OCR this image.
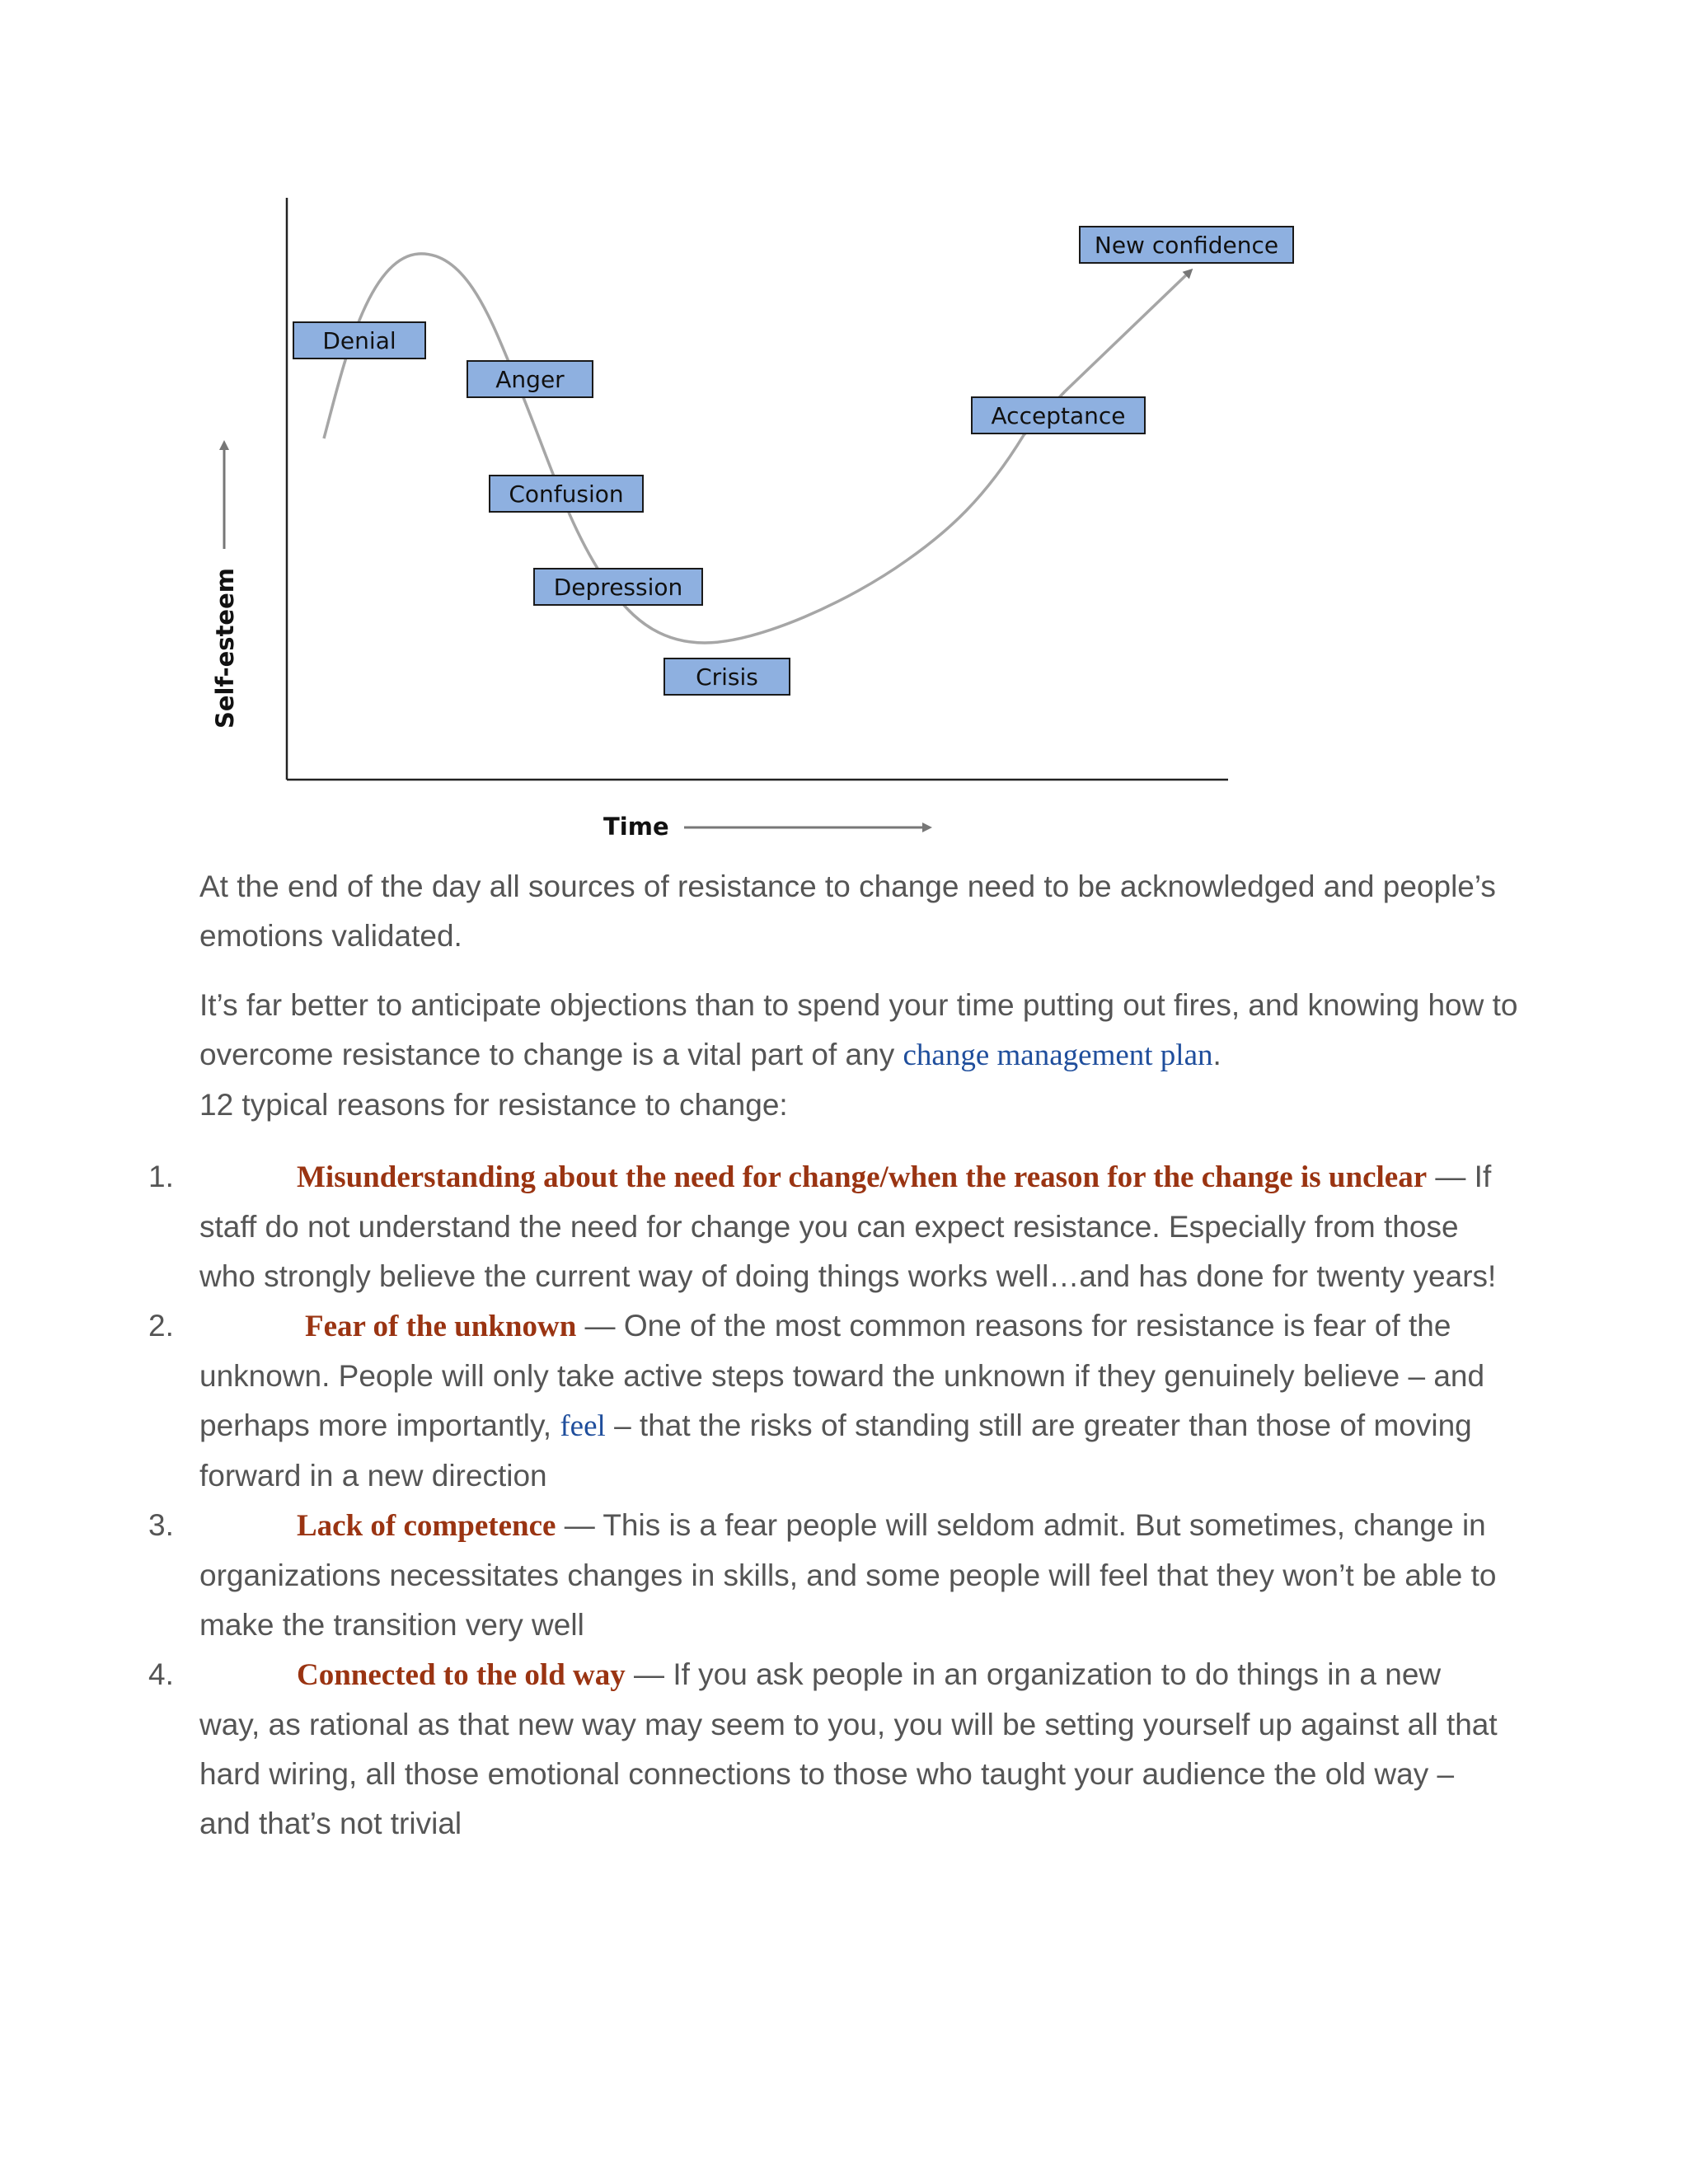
Denial
Anger
Confusion
Depression
Crisis
Acceptance
New confidence
Self-esteem
Time

At the end of the day all sources of resistance to change need to be acknowledged and people’s emotions validated.

It’s far better to anticipate objections than to spend your time putting out fires, and knowing how to overcome resistance to change is a vital part of any change management plan.

12 typical reasons for resistance to change:

1.	Misunderstanding about the need for change/when the reason for the change is unclear — If staff do not understand the need for change you can expect resistance. Especially from those who strongly believe the current way of doing things works well…and has done for twenty years!
2.	Fear of the unknown — One of the most common reasons for resistance is fear of the unknown. People will only take active steps toward the unknown if they genuinely believe – and perhaps more importantly, feel – that the risks of standing still are greater than those of moving forward in a new direction
3.	Lack of competence — This is a fear people will seldom admit. But sometimes, change in organizations necessitates changes in skills, and some people will feel that they won’t be able to make the transition very well
4.	Connected to the old way — If you ask people in an organization to do things in a new way, as rational as that new way may seem to you, you will be setting yourself up against all that hard wiring, all those emotional connections to those who taught your audience the old way – and that’s not trivial
